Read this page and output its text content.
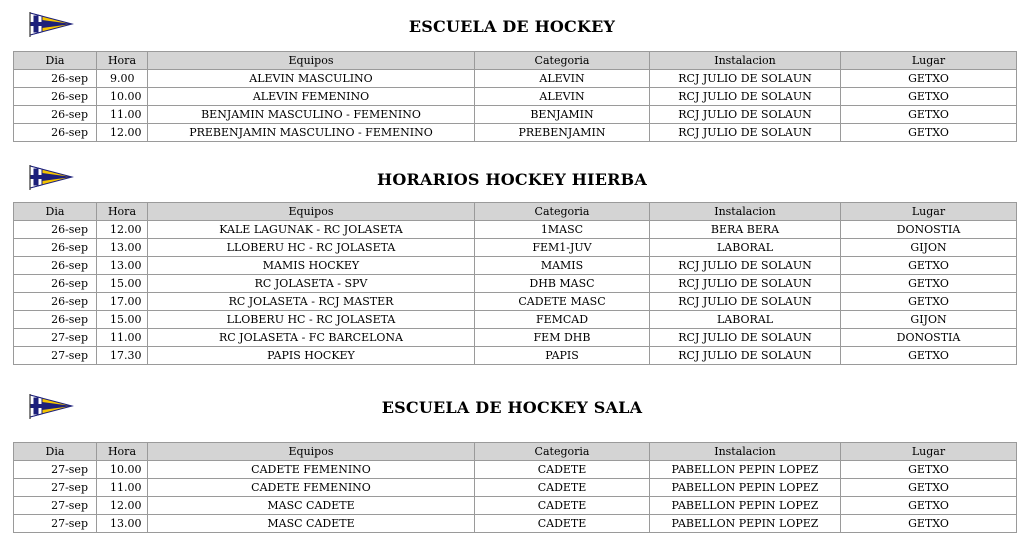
ESCUELA DE HOCKEY
Dia	Hora	Equipos	Categoria	Instalacion	Lugar
26-sep	9.00	ALEVIN MASCULINO	ALEVIN	RCJ JULIO DE SOLAUN	GETXO
26-sep	10.00	ALEVIN FEMENINO	ALEVIN	RCJ JULIO DE SOLAUN	GETXO
26-sep	11.00	BENJAMIN MASCULINO - FEMENINO	BENJAMIN	RCJ JULIO DE SOLAUN	GETXO
26-sep	12.00	PREBENJAMIN MASCULINO - FEMENINO	PREBENJAMIN	RCJ JULIO DE SOLAUN	GETXO
HORARIOS HOCKEY HIERBA
Dia	Hora	Equipos	Categoria	Instalacion	Lugar
26-sep	12.00	KALE LAGUNAK - RC JOLASETA	1MASC	BERA BERA	DONOSTIA
26-sep	13.00	LLOBERU HC - RC JOLASETA	FEM1-JUV	LABORAL	GIJON
26-sep	13.00	MAMIS HOCKEY	MAMIS	RCJ JULIO DE SOLAUN	GETXO
26-sep	15.00	RC JOLASETA - SPV	DHB MASC	RCJ JULIO DE SOLAUN	GETXO
26-sep	17.00	RC JOLASETA - RCJ MASTER	CADETE MASC	RCJ JULIO DE SOLAUN	GETXO
26-sep	15.00	LLOBERU HC - RC JOLASETA	FEMCAD	LABORAL	GIJON
27-sep	11.00	RC JOLASETA - FC BARCELONA	FEM DHB	RCJ JULIO DE SOLAUN	DONOSTIA
27-sep	17.30	PAPIS HOCKEY	PAPIS	RCJ JULIO DE SOLAUN	GETXO
ESCUELA DE HOCKEY SALA
Dia	Hora	Equipos	Categoria	Instalacion	Lugar
27-sep	10.00	CADETE FEMENINO	CADETE	PABELLON PEPIN LOPEZ	GETXO
27-sep	11.00	CADETE FEMENINO	CADETE	PABELLON PEPIN LOPEZ	GETXO
27-sep	12.00	MASC CADETE	CADETE	PABELLON PEPIN LOPEZ	GETXO
27-sep	13.00	MASC CADETE	CADETE	PABELLON PEPIN LOPEZ	GETXO
